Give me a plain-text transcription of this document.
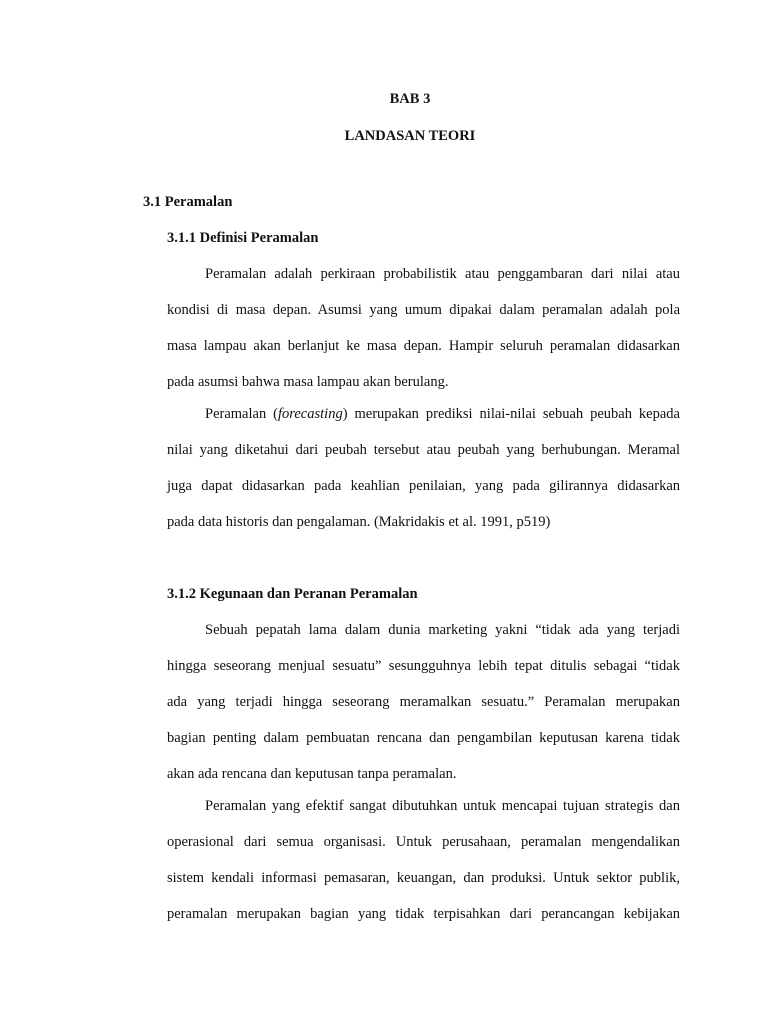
BAB 3
LANDASAN TEORI
3.1 Peramalan
3.1.1 Definisi Peramalan
Peramalan adalah perkiraan probabilistik atau penggambaran dari nilai atau
kondisi di masa depan. Asumsi yang umum dipakai dalam peramalan adalah pola
masa lampau akan berlanjut ke masa depan. Hampir seluruh peramalan didasarkan
pada asumsi bahwa masa lampau akan berulang.
Peramalan (forecasting) merupakan prediksi nilai-nilai sebuah peubah kepada
nilai yang diketahui dari peubah tersebut atau peubah yang berhubungan. Meramal
juga dapat didasarkan pada keahlian penilaian, yang pada gilirannya didasarkan
pada data historis dan pengalaman. (Makridakis et al. 1991, p519)
3.1.2 Kegunaan dan Peranan Peramalan
Sebuah pepatah lama dalam dunia marketing yakni “tidak ada yang terjadi
hingga seseorang menjual sesuatu” sesungguhnya lebih tepat ditulis sebagai “tidak
ada yang terjadi hingga seseorang meramalkan sesuatu.” Peramalan merupakan
bagian penting dalam pembuatan rencana dan pengambilan keputusan karena tidak
akan ada rencana dan keputusan tanpa peramalan.
Peramalan yang efektif sangat dibutuhkan untuk mencapai tujuan strategis dan
operasional dari semua organisasi. Untuk perusahaan, peramalan mengendalikan
sistem kendali informasi pemasaran, keuangan, dan produksi. Untuk sektor publik,
peramalan merupakan bagian yang tidak terpisahkan dari perancangan kebijakan
